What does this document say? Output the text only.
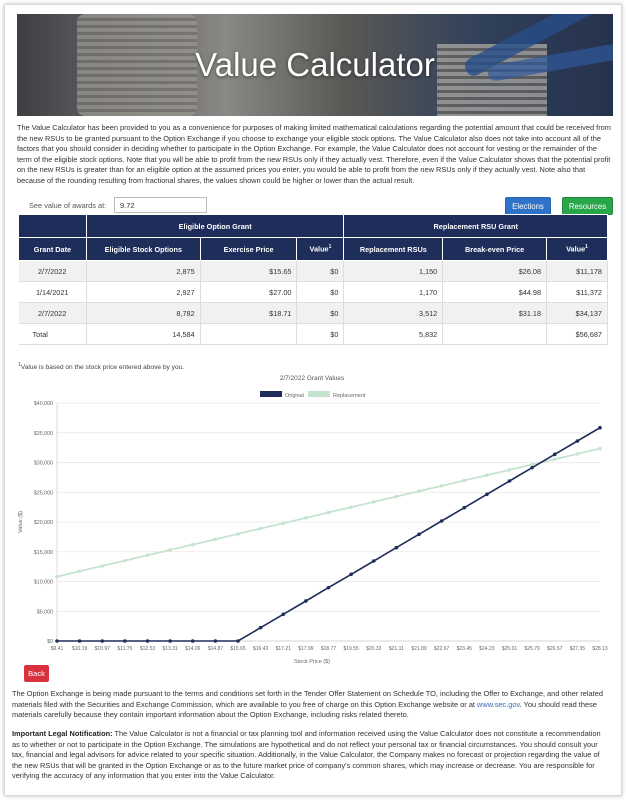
Value Calculator
The Value Calculator has been provided to you as a convenience for purposes of making limited mathematical calculations regarding the potential amount that could be received from the new RSUs to be granted pursuant to the Option Exchange if you choose to exchange your eligible stock options. The Value Calculator also does not take into account all of the factors that you should consider in deciding whether to participate in the Option Exchange. For example, the Value Calculator does not account for vesting or the remainder of the term of the eligible stock options. Note that you will be able to profit from the new RSUs only if they actually vest. Therefore, even if the Value Calculator shows that the potential profit on the new RSUs is greater than for an eligible option at the assumed prices you enter, you would be able to profit from the new RSUs only if they actually vest. Note also that because of the rounding resulting from fractional shares, the values shown could be higher or lower than the actual result.
See value of awards at:
9.72	Elections	Resources
	Eligible Option Grant			Replacement RSU Grant		
Grant Date	Eligible Stock Options	Exercise Price	Value$^1$	Replacement RSUs	Break-even Price	Value$^1$
2/7/2022	2,875	$15.65	$0	1,150	$26.08	$11,178
1/14/2021	2,927	$27.00	$0	1,170	$44.98	$11,372
2/7/2022	8,782	$18.71	$0	3,512	$31.18	$34,137
Total	14,584		$0	5,832		$56,687
$^1$Value is based on the stock price entered above by you.
2/7/2022 Grant Values
Original	Replacement
$0
$5,000
$10,000
$15,000
$20,000
$25,000
$30,000
$35,000
$40,000
$9.41 $10.19 $10.97 $11.75 $12.53 $13.31 $14.09 $14.87 $15.65 $16.43 $17.21 $17.99 $18.77 $19.55 $20.33 $21.11 $21.89 $22.67 $23.45 $24.23 $25.01 $25.79 $26.57 $27.35 $28.13
Stock Price ($)
Value ($)
Back
The Option Exchange is being made pursuant to the terms and conditions set forth in the Tender Offer Statement on Schedule TO, including the Offer to Exchange, and other related materials filed with the Securities and Exchange Commission, which are available to you free of charge on this Option Exchange website or at www.sec.gov. You should read these materials carefully because they contain important information about the Option Exchange, including risks related thereto.
Important Legal Notification: The Value Calculator is not a financial or tax planning tool and information received using the Value Calculator does not constitute a recommendation as to whether or not to participate in the Option Exchange. The simulations are hypothetical and do not reflect your personal tax or financial circumstances. You should consult your tax, financial and legal advisors for advice related to your specific situation. Additionally, in the Value Calculator, the Company makes no forecast or projection regarding the value of the new RSUs that will be granted in the Option Exchange or as to the future market price of company's common shares, which may increase or decrease. You are responsible for verifying the accuracy of any information that you enter into the Value Calculator.
